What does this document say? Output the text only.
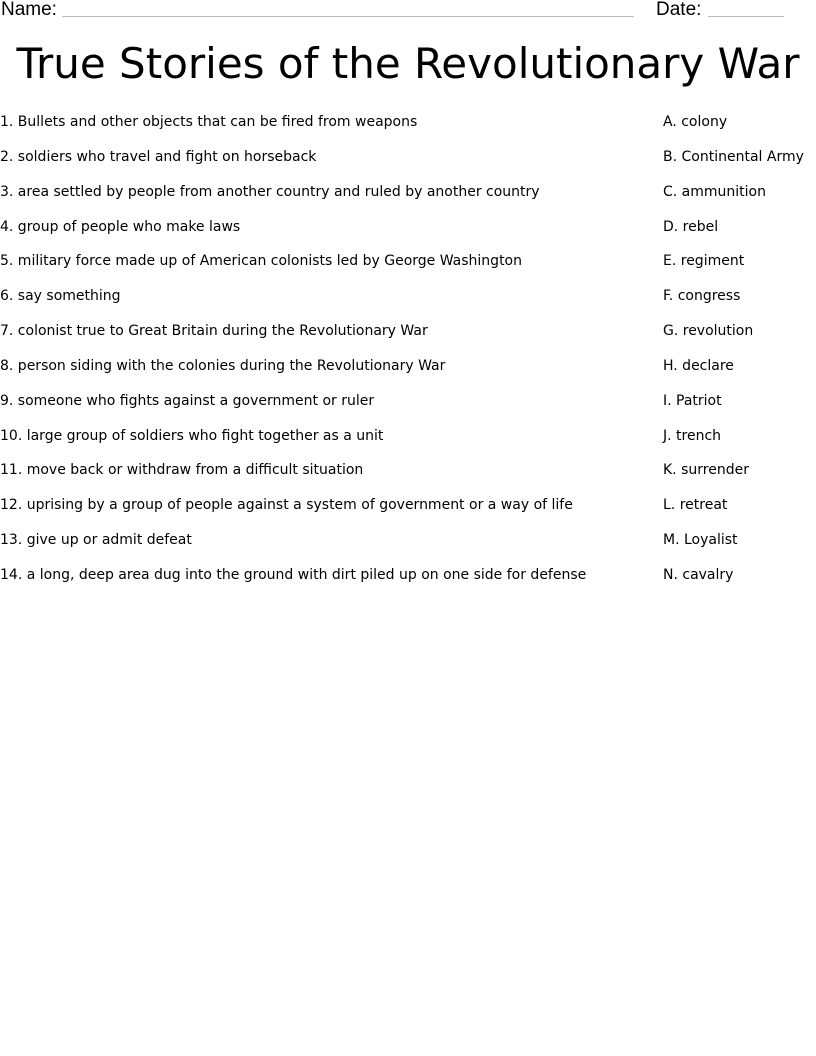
Name:	Date:
True Stories of the Revolutionary War
1. Bullets and other objects that can be fired from weapons
2. soldiers who travel and fight on horseback
3. area settled by people from another country and ruled by another country
4. group of people who make laws
5. military force made up of American colonists led by George Washington
6. say something
7. colonist true to Great Britain during the Revolutionary War
8. person siding with the colonies during the Revolutionary War
9. someone who fights against a government or ruler
10. large group of soldiers who fight together as a unit
11. move back or withdraw from a difficult situation
12. uprising by a group of people against a system of government or a way of life
13. give up or admit defeat
14. a long, deep area dug into the ground with dirt piled up on one side for defense
A. colony
B. Continental Army
C. ammunition
D. rebel
E. regiment
F. congress
G. revolution
H. declare
I. Patriot
J. trench
K. surrender
L. retreat
M. Loyalist
N. cavalry
